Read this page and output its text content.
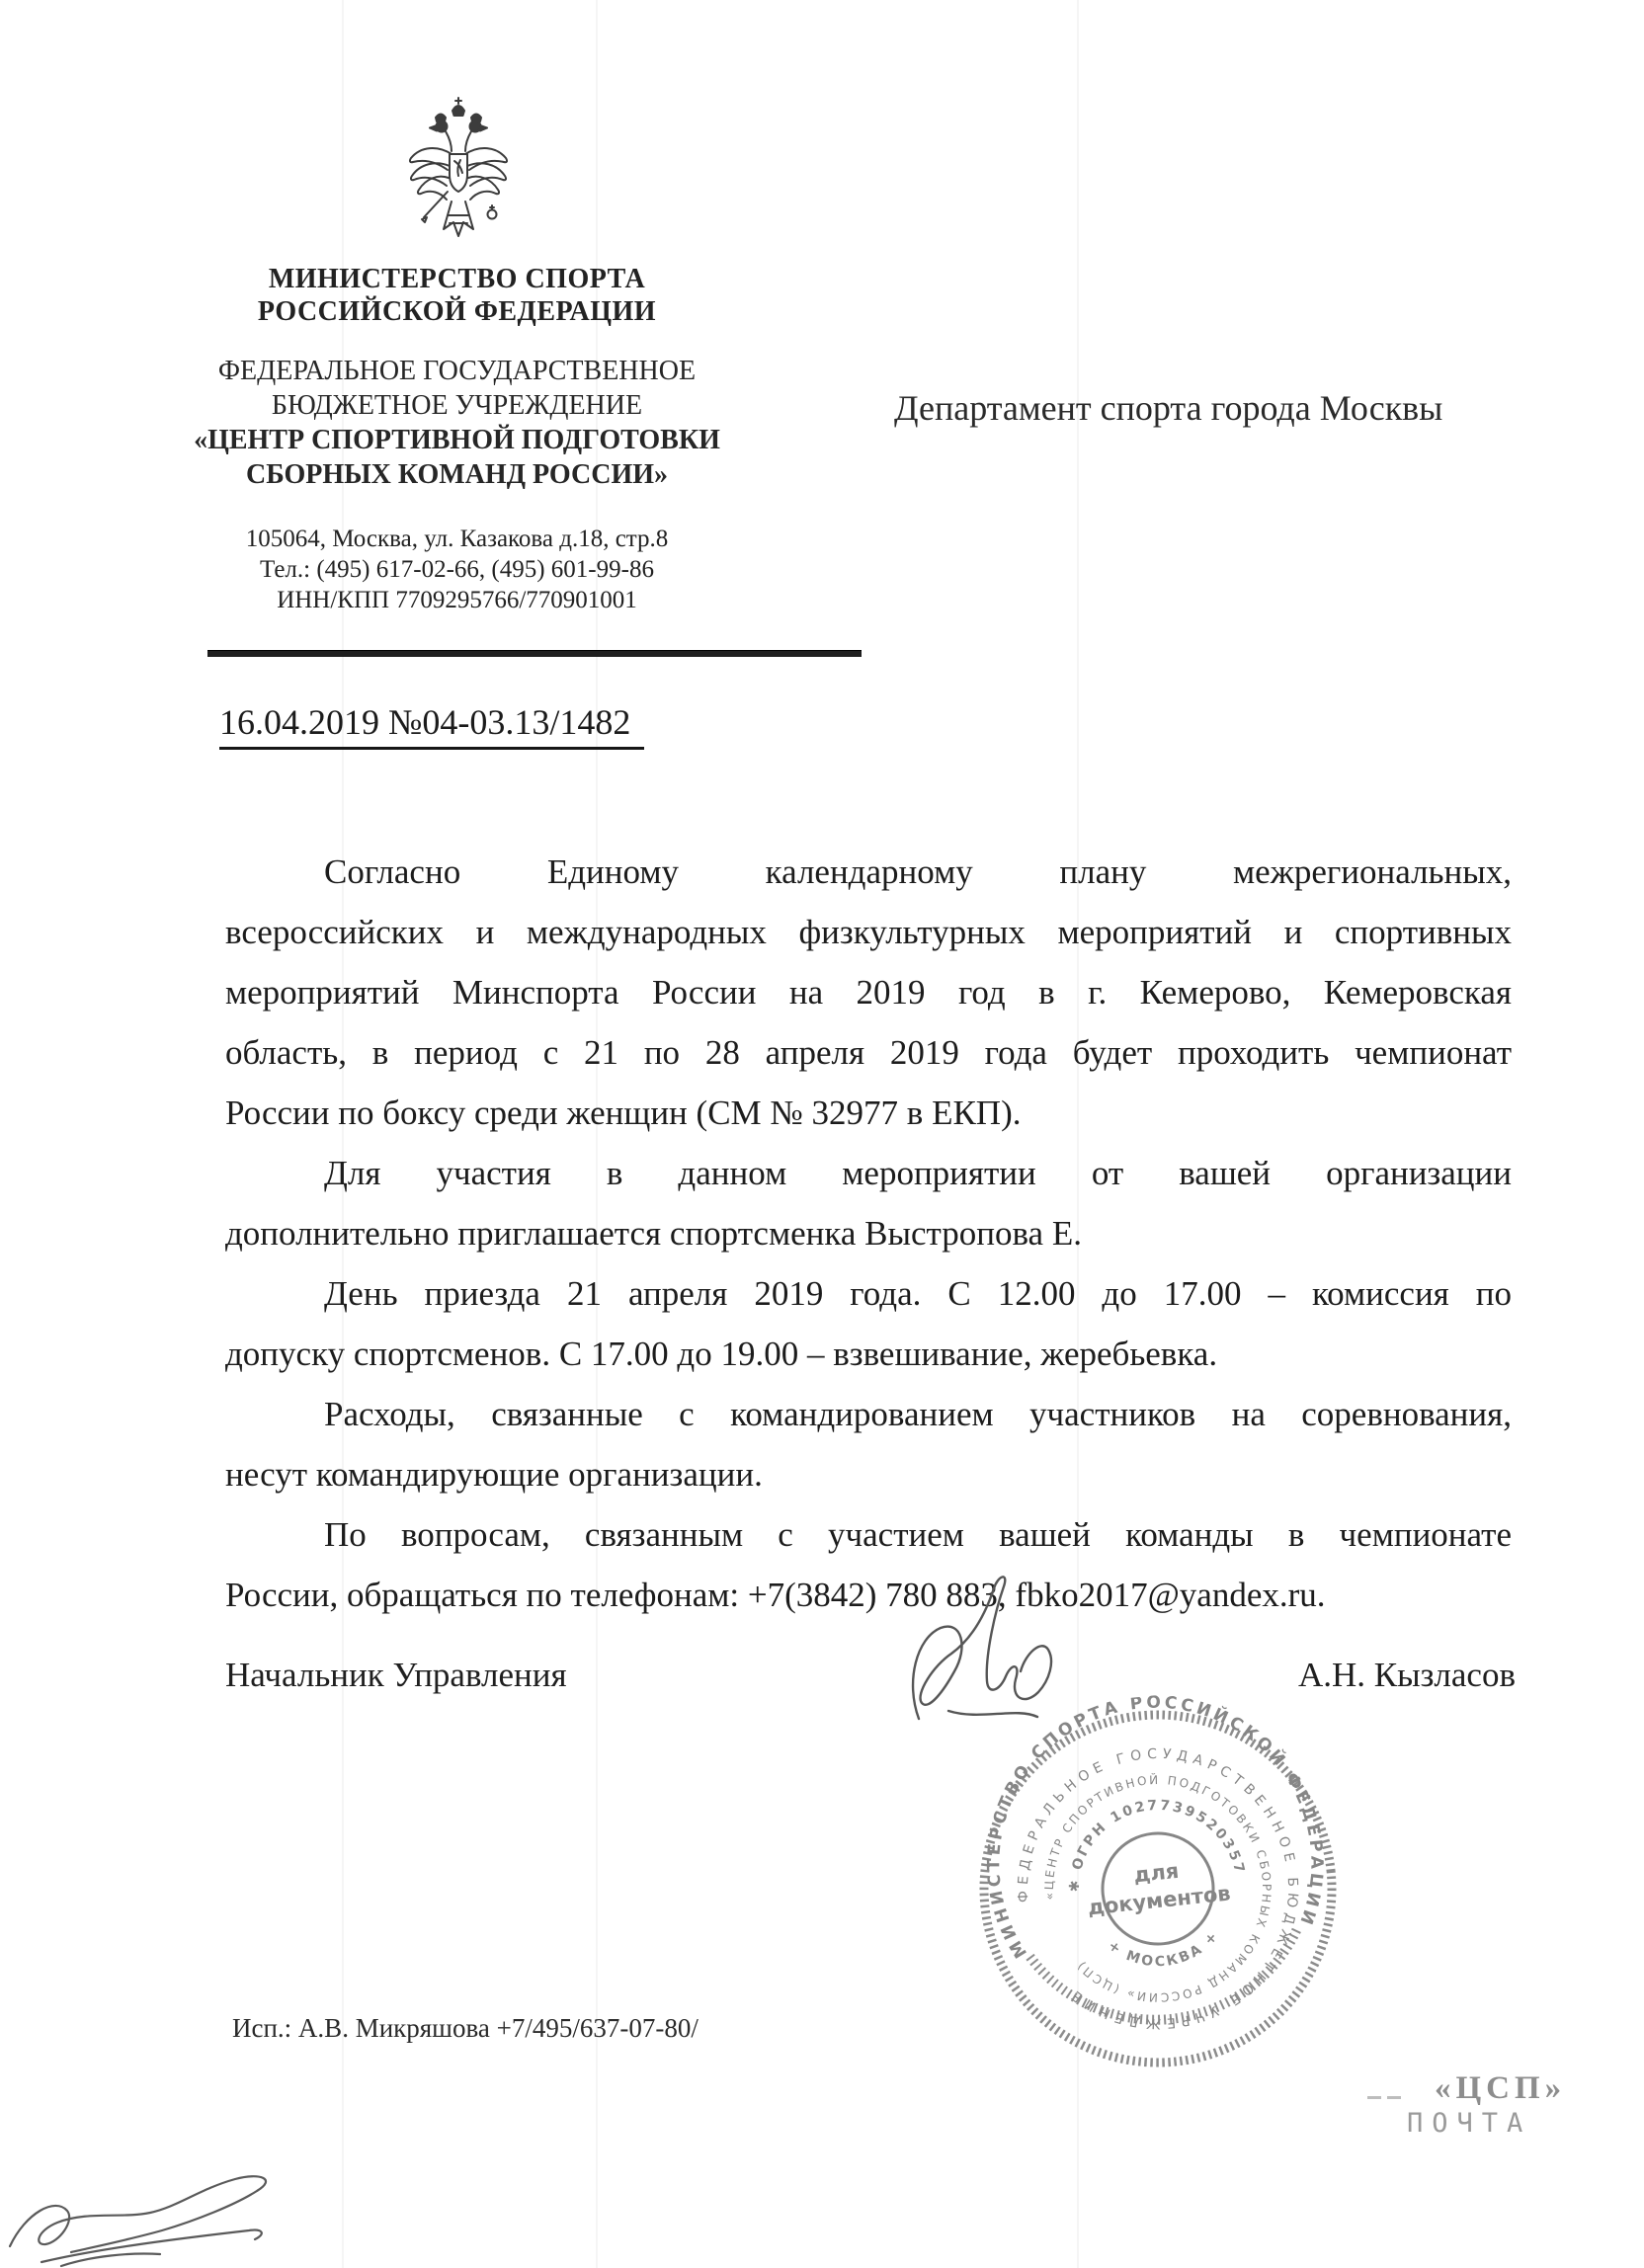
МИНИСТЕРСТВО СПОРТА
РОССИЙСКОЙ ФЕДЕРАЦИИ
ФЕДЕРАЛЬНОЕ ГОСУДАРСТВЕННОЕ
БЮДЖЕТНОЕ УЧРЕЖДЕНИЕ
«ЦЕНТР СПОРТИВНОЙ ПОДГОТОВКИ
СБОРНЫХ КОМАНД РОССИИ»
105064, Москва, ул. Казакова д.18, стр.8
Тел.: (495) 617-02-66, (495) 601-99-86
ИНН/КПП 7709295766/770901001
Департамент спорта города Москвы
16.04.2019 №04-03.13/1482
Согласно Единому календарному плану межрегиональных,
всероссийских и международных физкультурных мероприятий и спортивных
мероприятий Минспорта России на 2019 год в г. Кемерово, Кемеровская
область, в период с 21 по 28 апреля 2019 года будет проходить чемпионат
России по боксу среди женщин (СМ № 32977 в ЕКП).
Для участия в данном мероприятии от вашей организации
дополнительно приглашается спортсменка Выстропова Е.
День приезда 21 апреля 2019 года. С 12.00 до 17.00 – комиссия по
допуску спортсменов. С 17.00 до 19.00 – взвешивание, жеребьевка.
Расходы, связанные с командированием участников на соревнования,
несут командирующие организации.
По вопросам, связанным с участием вашей команды в чемпионате
России, обращаться по телефонам: +7(3842) 780 883, fbko2017@yandex.ru.
Начальник Управления	А.Н. Кызласов
МИНИСТЕРСТВО СПОРТА РОССИЙСКОЙ ФЕДЕРАЦИИ
ФЕДЕРАЛЬНОЕ ГОСУДАРСТВЕННОЕ БЮДЖЕТНОЕ УЧРЕЖДЕНИЕ
«ЦЕНТР СПОРТИВНОЙ ПОДГОТОВКИ СБОРНЫХ КОМАНД РОССИИ» (ЦСП)
✱ ОГРН 1027739520357
+ МОСКВА +
для
документов
Исп.: А.В. Микряшова +7/495/637-07-80/
«ЦСП»
ПОЧТА
